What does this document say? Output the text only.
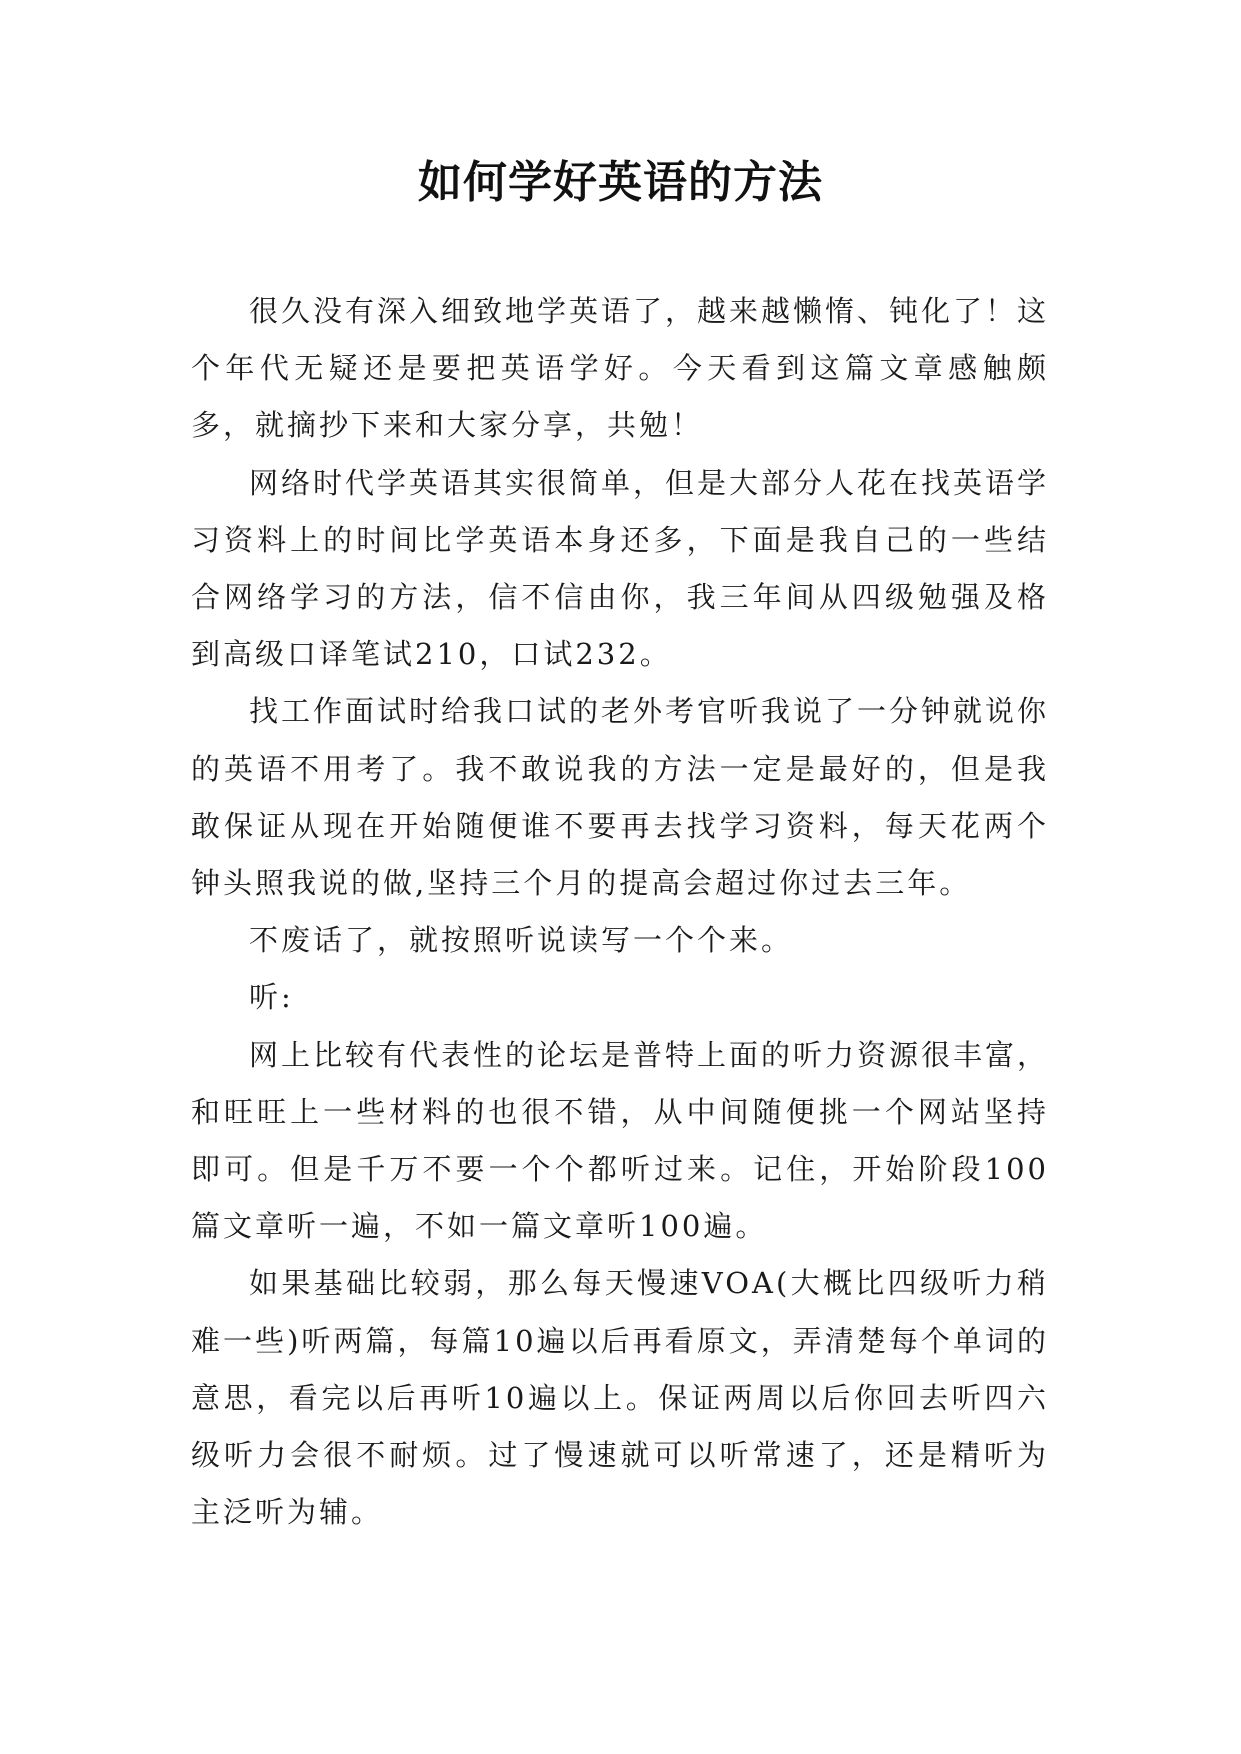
如何学好英语的方法

很久没有深入细致地学英语了，越来越懒惰、钝化了！这个年代无疑还是要把英语学好。今天看到这篇文章感触颇多，就摘抄下来和大家分享，共勉！

网络时代学英语其实很简单，但是大部分人花在找英语学习资料上的时间比学英语本身还多，下面是我自己的一些结合网络学习的方法，信不信由你，我三年间从四级勉强及格到高级口译笔试210，口试232。

找工作面试时给我口试的老外考官听我说了一分钟就说你的英语不用考了。我不敢说我的方法一定是最好的，但是我敢保证从现在开始随便谁不要再去找学习资料，每天花两个钟头照我说的做,坚持三个月的提高会超过你过去三年。

不废话了，就按照听说读写一个个来。

听:

网上比较有代表性的论坛是普特上面的听力资源很丰富，和旺旺上一些材料的也很不错，从中间随便挑一个网站坚持即可。但是千万不要一个个都听过来。记住，开始阶段100篇文章听一遍，不如一篇文章听100遍。

如果基础比较弱，那么每天慢速VOA(大概比四级听力稍难一些)听两篇，每篇10遍以后再看原文，弄清楚每个单词的意思，看完以后再听10遍以上。保证两周以后你回去听四六级听力会很不耐烦。过了慢速就可以听常速了，还是精听为主泛听为辅。
